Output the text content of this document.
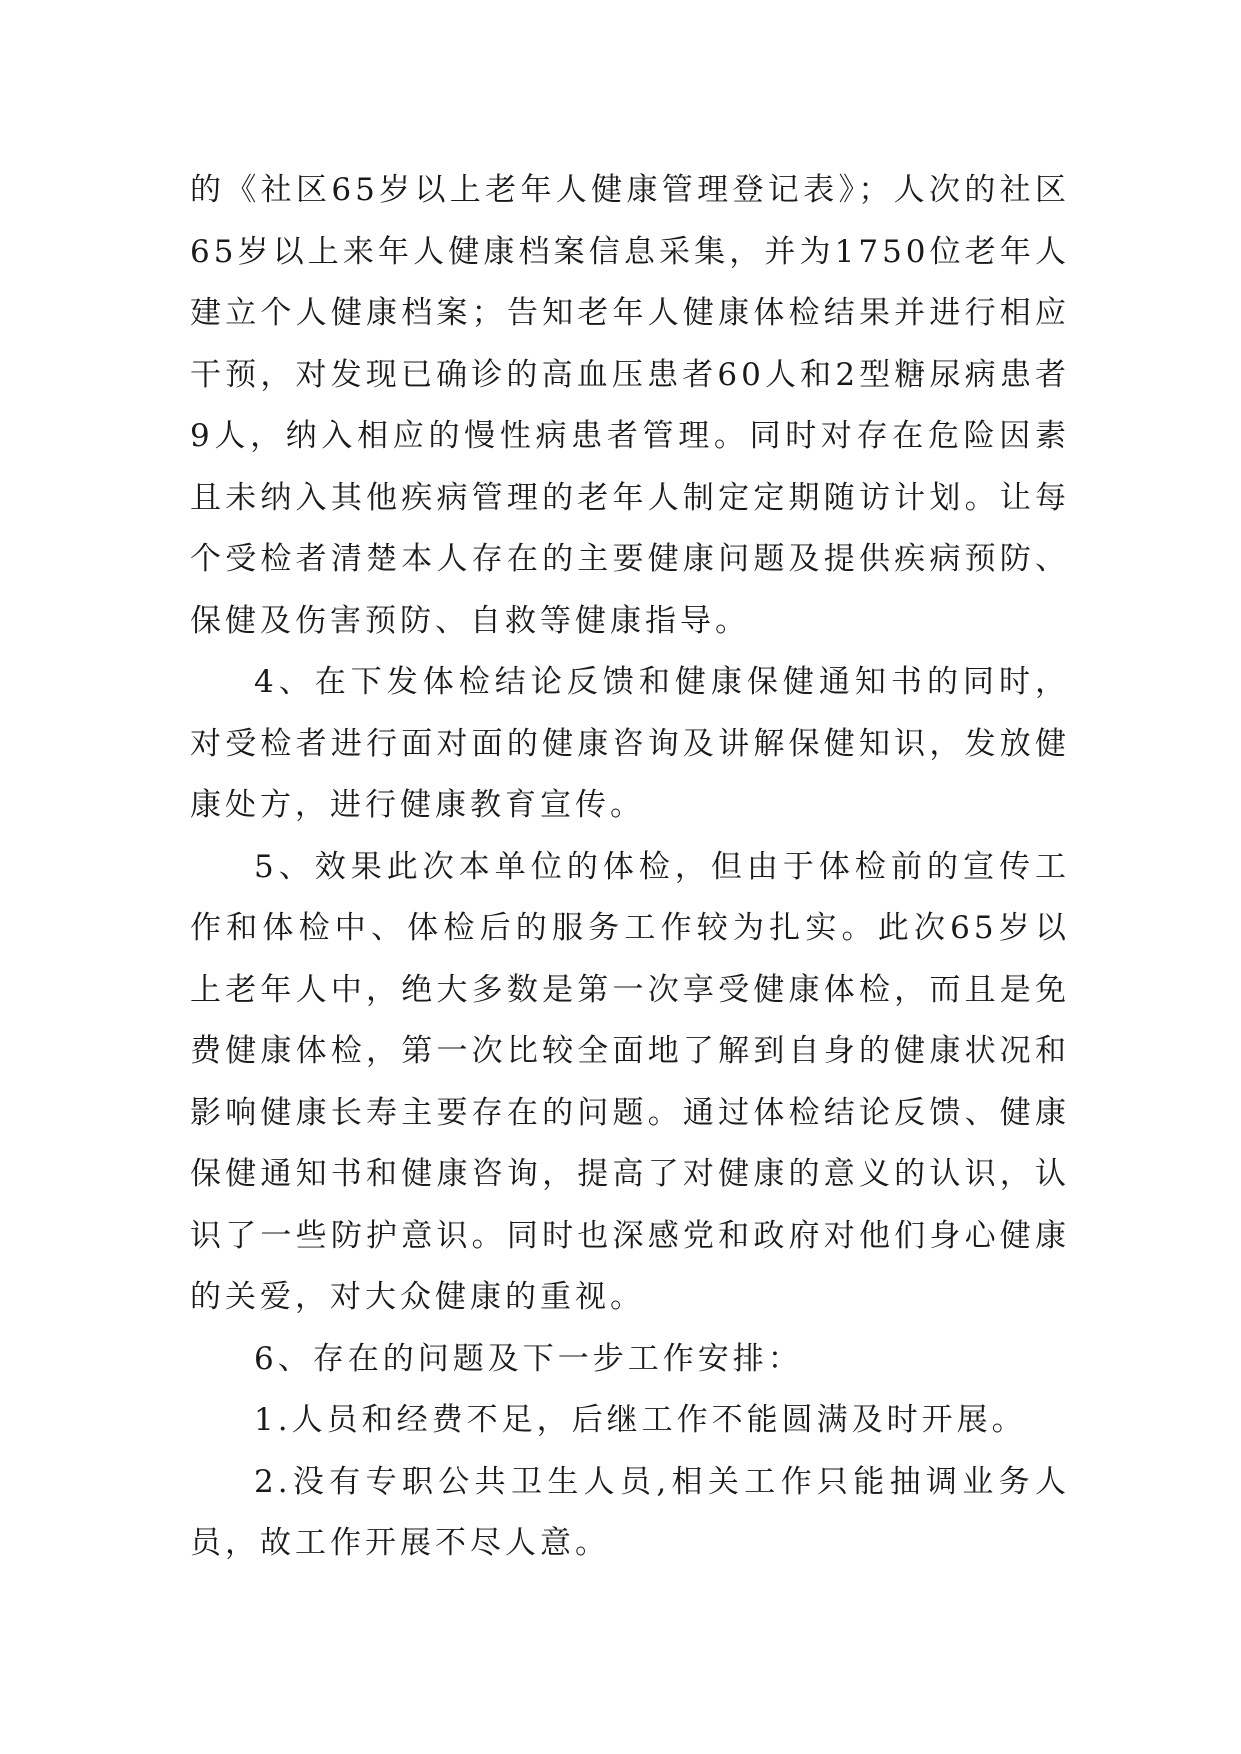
的《社区65岁以上老年人健康管理登记表》；人次的社区65岁以上来年人健康档案信息采集，并为1750位老年人建立个人健康档案；告知老年人健康体检结果并进行相应干预，对发现已确诊的高血压患者60人和2型糖尿病患者9人，纳入相应的慢性病患者管理。同时对存在危险因素且未纳入其他疾病管理的老年人制定定期随访计划。让每个受检者清楚本人存在的主要健康问题及提供疾病预防、保健及伤害预防、自救等健康指导。

4、在下发体检结论反馈和健康保健通知书的同时，对受检者进行面对面的健康咨询及讲解保健知识，发放健康处方，进行健康教育宣传。

5、效果此次本单位的体检，但由于体检前的宣传工作和体检中、体检后的服务工作较为扎实。此次65岁以上老年人中，绝大多数是第一次享受健康体检，而且是免费健康体检，第一次比较全面地了解到自身的健康状况和影响健康长寿主要存在的问题。通过体检结论反馈、健康保健通知书和健康咨询，提高了对健康的意义的认识，认识了一些防护意识。同时也深感党和政府对他们身心健康的关爱，对大众健康的重视。

6、存在的问题及下一步工作安排：

1.人员和经费不足，后继工作不能圆满及时开展。

2.没有专职公共卫生人员,相关工作只能抽调业务人员，故工作开展不尽人意。
